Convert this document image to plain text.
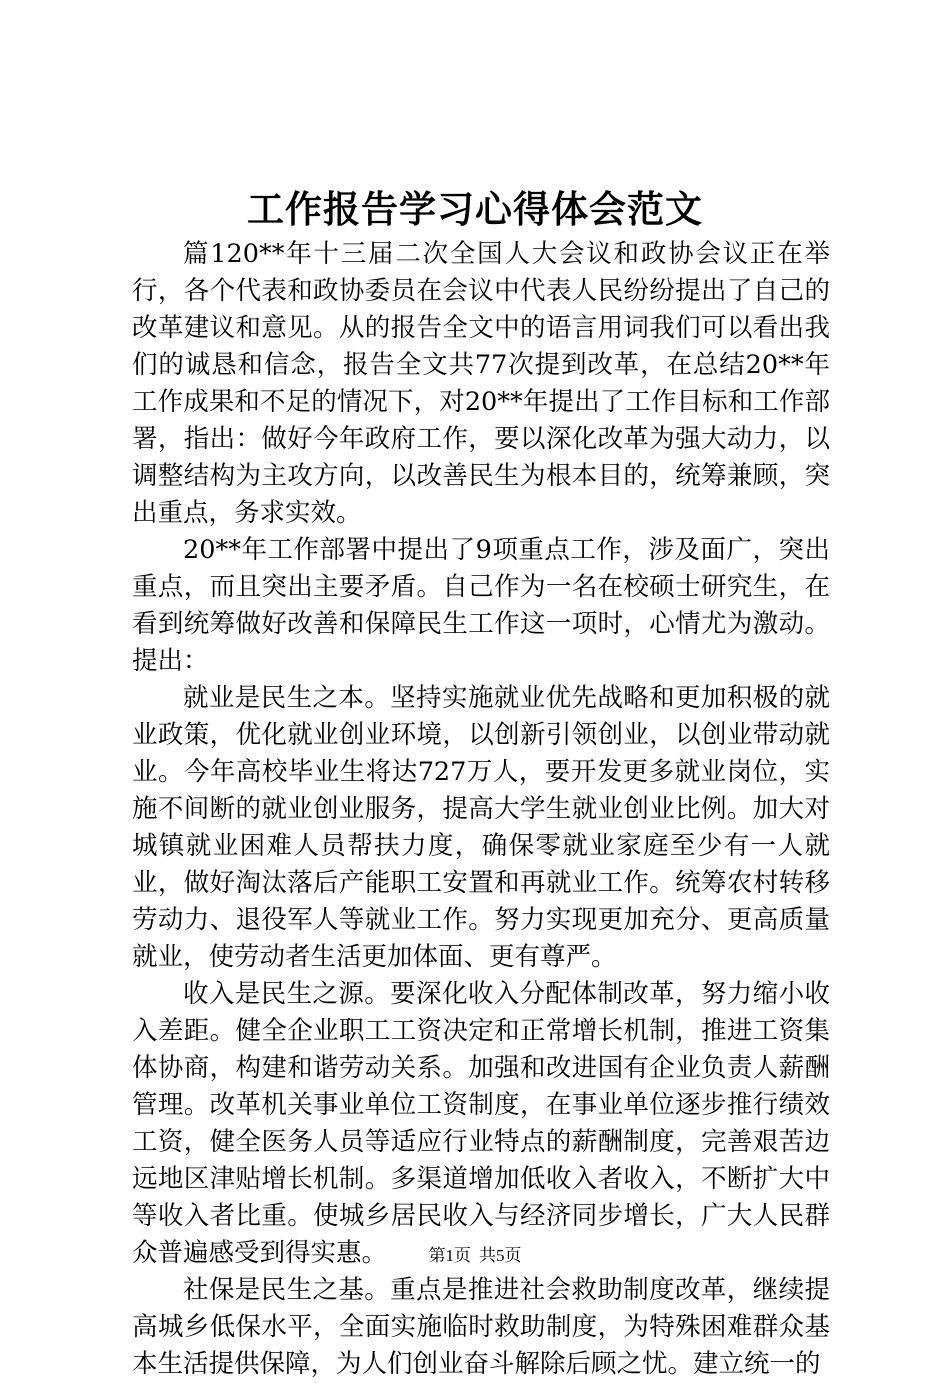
工作报告学习心得体会范文

篇120**年十三届二次全国人大会议和政协会议正在举行，各个代表和政协委员在会议中代表人民纷纷提出了自己的改革建议和意见。从的报告全文中的语言用词我们可以看出我们的诚恳和信念，报告全文共77次提到改革，在总结20**年工作成果和不足的情况下，对20**年提出了工作目标和工作部署，指出：做好今年政府工作，要以深化改革为强大动力，以调整结构为主攻方向，以改善民生为根本目的，统筹兼顾，突出重点，务求实效。

20**年工作部署中提出了9项重点工作，涉及面广，突出重点，而且突出主要矛盾。自己作为一名在校硕士研究生，在看到统筹做好改善和保障民生工作这一项时，心情尤为激动。提出：

就业是民生之本。坚持实施就业优先战略和更加积极的就业政策，优化就业创业环境，以创新引领创业，以创业带动就业。今年高校毕业生将达727万人，要开发更多就业岗位，实施不间断的就业创业服务，提高大学生就业创业比例。加大对城镇就业困难人员帮扶力度，确保零就业家庭至少有一人就业，做好淘汰落后产能职工安置和再就业工作。统筹农村转移劳动力、退役军人等就业工作。努力实现更加充分、更高质量就业，使劳动者生活更加体面、更有尊严。

收入是民生之源。要深化收入分配体制改革，努力缩小收入差距。健全企业职工工资决定和正常增长机制，推进工资集体协商，构建和谐劳动关系。加强和改进国有企业负责人薪酬管理。改革机关事业单位工资制度，在事业单位逐步推行绩效工资，健全医务人员等适应行业特点的薪酬制度，完善艰苦边远地区津贴增长机制。多渠道增加低收入者收入，不断扩大中等收入者比重。使城乡居民收入与经济同步增长，广大人民群众普遍感受到得实惠。

社保是民生之基。重点是推进社会救助制度改革，继续提高城乡低保水平，全面实施临时救助制度，为特殊困难群众基本生活提供保障，为人们创业奋斗解除后顾之忧。建立统一的

第1页 共5页
